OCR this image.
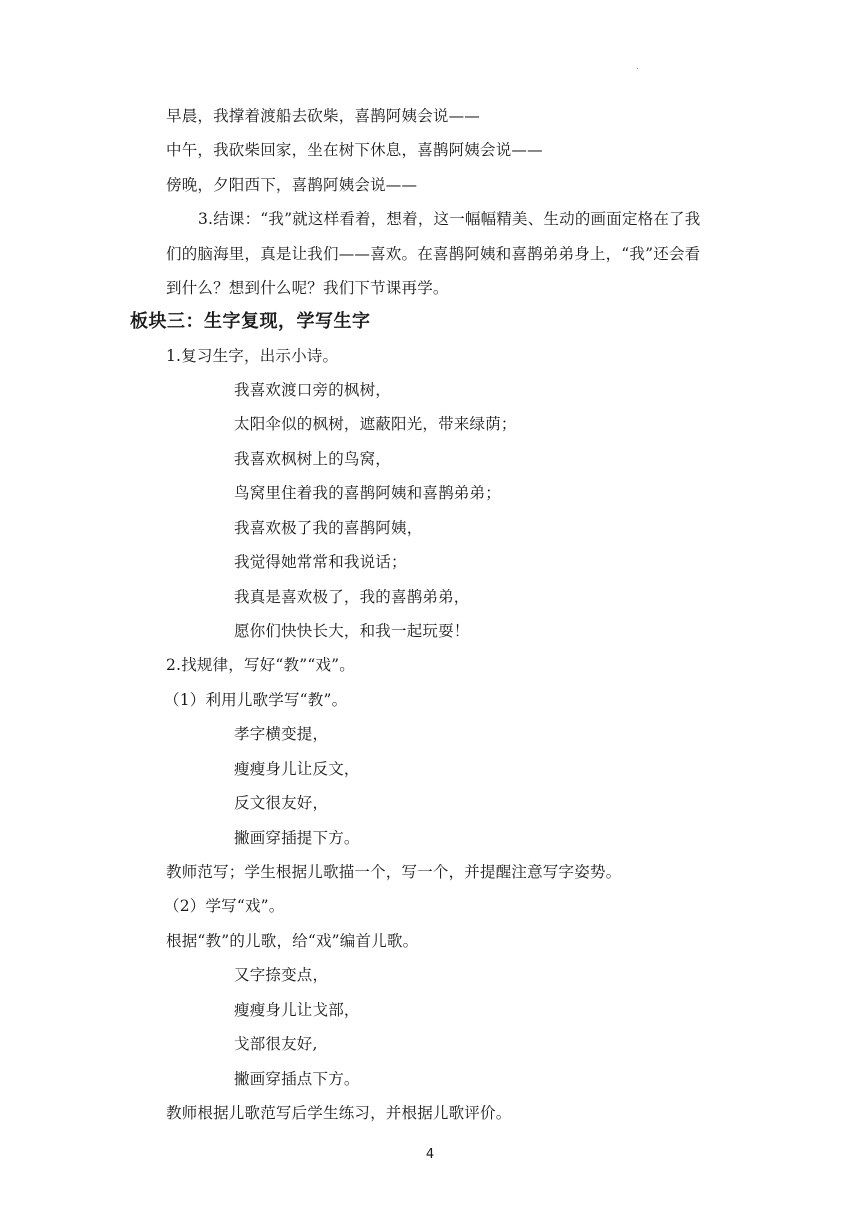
.
早晨，我撑着渡船去砍柴，喜鹊阿姨会说——
中午，我砍柴回家，坐在树下休息，喜鹊阿姨会说——
傍晚，夕阳西下，喜鹊阿姨会说——
3.结课：“我”就这样看着，想着，这一幅幅精美、生动的画面定格在了我
们的脑海里，真是让我们——喜欢。在喜鹊阿姨和喜鹊弟弟身上，“我”还会看
到什么？想到什么呢？我们下节课再学。
板块三：生字复现，学写生字
1.复习生字，出示小诗。
我喜欢渡口旁的枫树，
太阳伞似的枫树，遮蔽阳光，带来绿荫；
我喜欢枫树上的鸟窝，
鸟窝里住着我的喜鹊阿姨和喜鹊弟弟；
我喜欢极了我的喜鹊阿姨，
我觉得她常常和我说话；
我真是喜欢极了，我的喜鹊弟弟，
愿你们快快长大，和我一起玩耍！
2.找规律，写好“教”“戏”。
（1）利用儿歌学写“教”。
孝字横变提，
瘦瘦身儿让反文，
反文很友好，
撇画穿插提下方。
教师范写；学生根据儿歌描一个，写一个，并提醒注意写字姿势。
（2）学写“戏”。
根据“教”的儿歌，给“戏”编首儿歌。
又字捺变点，
瘦瘦身儿让戈部，
戈部很友好,
撇画穿插点下方。
教师根据儿歌范写后学生练习，并根据儿歌评价。
4
